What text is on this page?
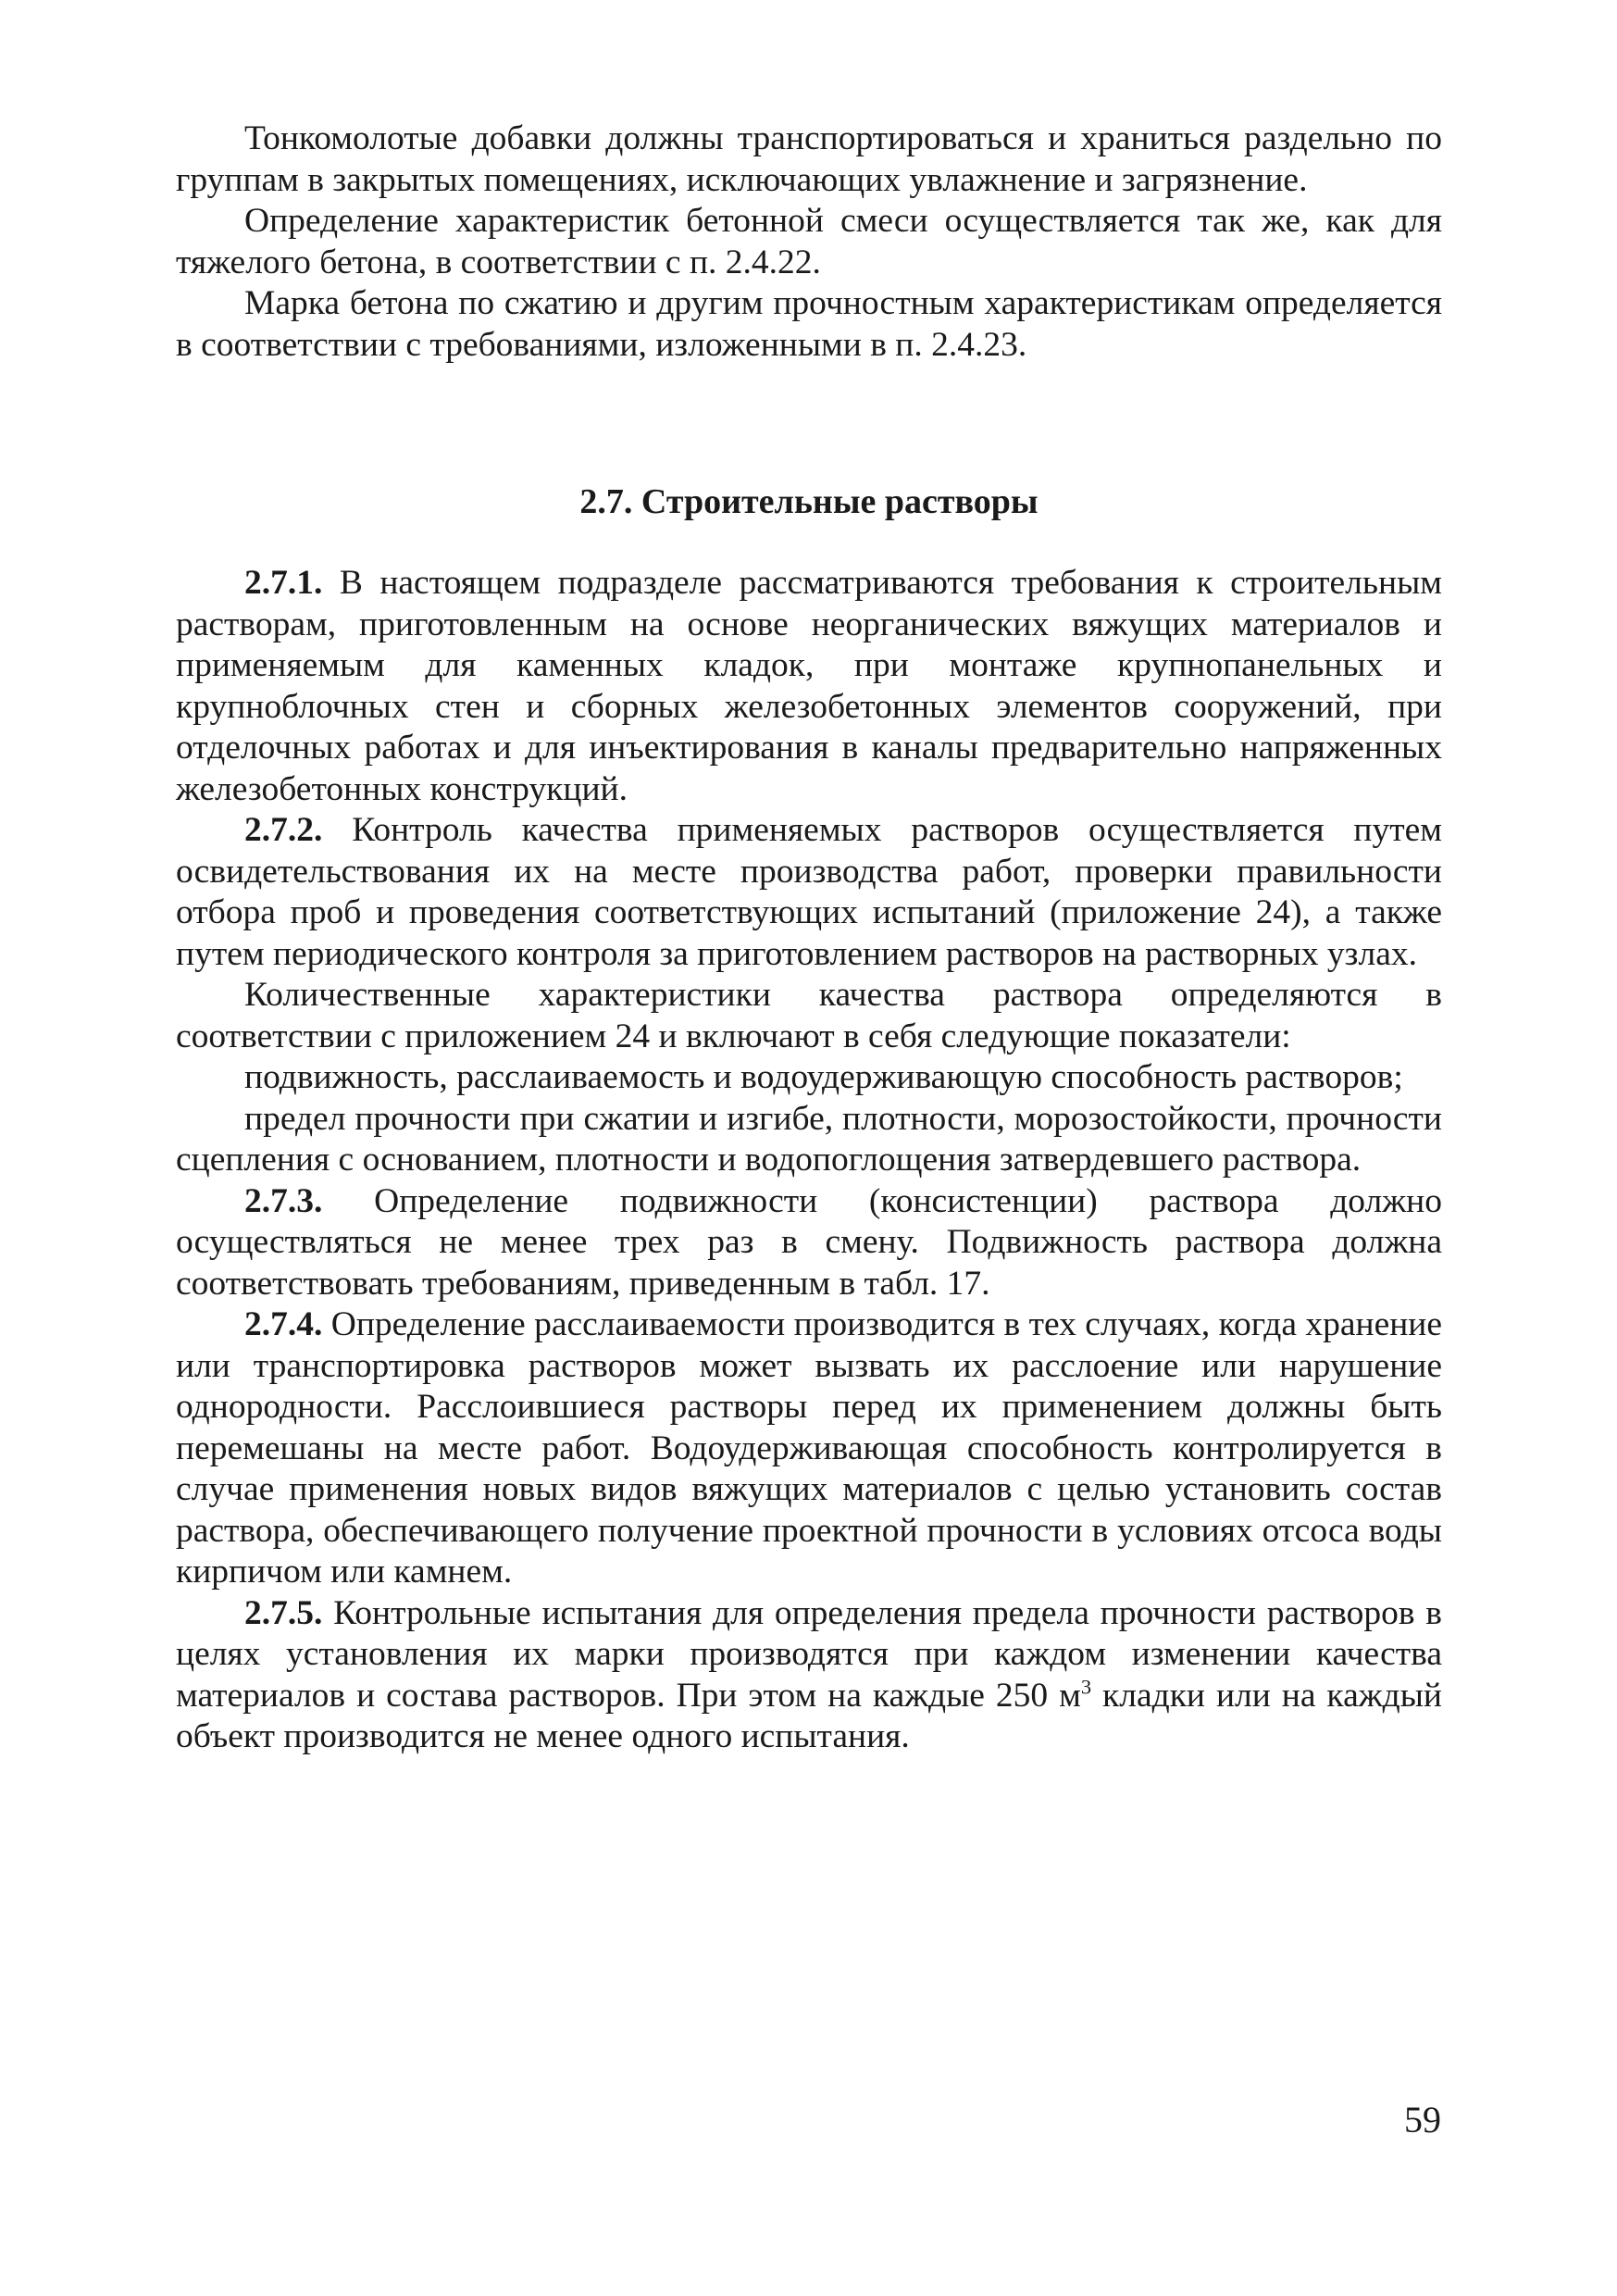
Тонкомолотые добавки должны транспортироваться и храниться раздельно по группам в закрытых помещениях, исключающих увлажнение и загрязнение.

Определение характеристик бетонной смеси осуществляется так же, как для тяжелого бетона, в соответствии с п. 2.4.22.

Марка бетона по сжатию и другим прочностным характеристикам определяется в соответствии с требованиями, изложенными в п. 2.4.23.

2.7. Строительные растворы

2.7.1. В настоящем подразделе рассматриваются требования к строительным растворам, приготовленным на основе неорганических вяжущих материалов и применяемым для каменных кладок, при монтаже крупнопанельных и крупноблочных стен и сборных железобетонных элементов сооружений, при отделочных работах и для инъектирования в каналы предварительно напряженных железобетонных конструкций.

2.7.2. Контроль качества применяемых растворов осуществляется путем освидетельствования их на месте производства работ, проверки правильности отбора проб и проведения соответствующих испытаний (приложение 24), а также путем периодического контроля за приготовлением растворов на растворных узлах.

Количественные характеристики качества раствора определяются в соответствии с приложением 24 и включают в себя следующие показатели:

подвижность, расслаиваемость и водоудерживающую способность растворов;

предел прочности при сжатии и изгибе, плотности, морозостойкости, прочности сцепления с основанием, плотности и водопоглощения затвердевшего раствора.

2.7.3. Определение подвижности (консистенции) раствора должно осуществляться не менее трех раз в смену. Подвижность раствора должна соответствовать требованиям, приведенным в табл. 17.

2.7.4. Определение расслаиваемости производится в тех случаях, когда хранение или транспортировка растворов может вызвать их расслоение или нарушение однородности. Расслоившиеся растворы перед их применением должны быть перемешаны на месте работ. Водоудерживающая способность контролируется в случае применения новых видов вяжущих материалов с целью установить состав раствора, обеспечивающего получение проектной прочности в условиях отсоса воды кирпичом или камнем.

2.7.5. Контрольные испытания для определения предела прочности растворов в целях установления их марки производятся при каждом изменении качества материалов и состава растворов. При этом на каждые 250 $м^3$ кладки или на каждый объект производится не менее одного испытания.

59
